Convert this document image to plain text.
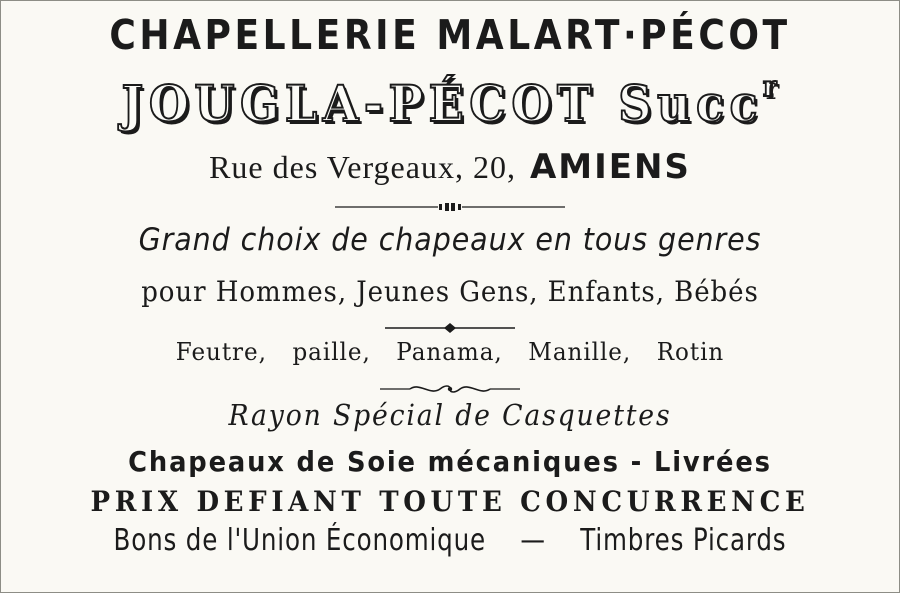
CHAPELLERIE MALART·PÉCOT
JOUGLA-PÉCOT Succ$^r$
Rue des Vergeaux, 20, AMIENS
Grand choix de chapeaux en tous genres
pour Hommes, Jeunes Gens, Enfants, Bébés
Feutre, paille, Panama, Manille, Rotin
Rayon Spécial de Casquettes
Chapeaux de Soie mécaniques - Livrées
PRIX DEFIANT TOUTE CONCURRENCE
Bons de l'Union Économique — Timbres Picards
